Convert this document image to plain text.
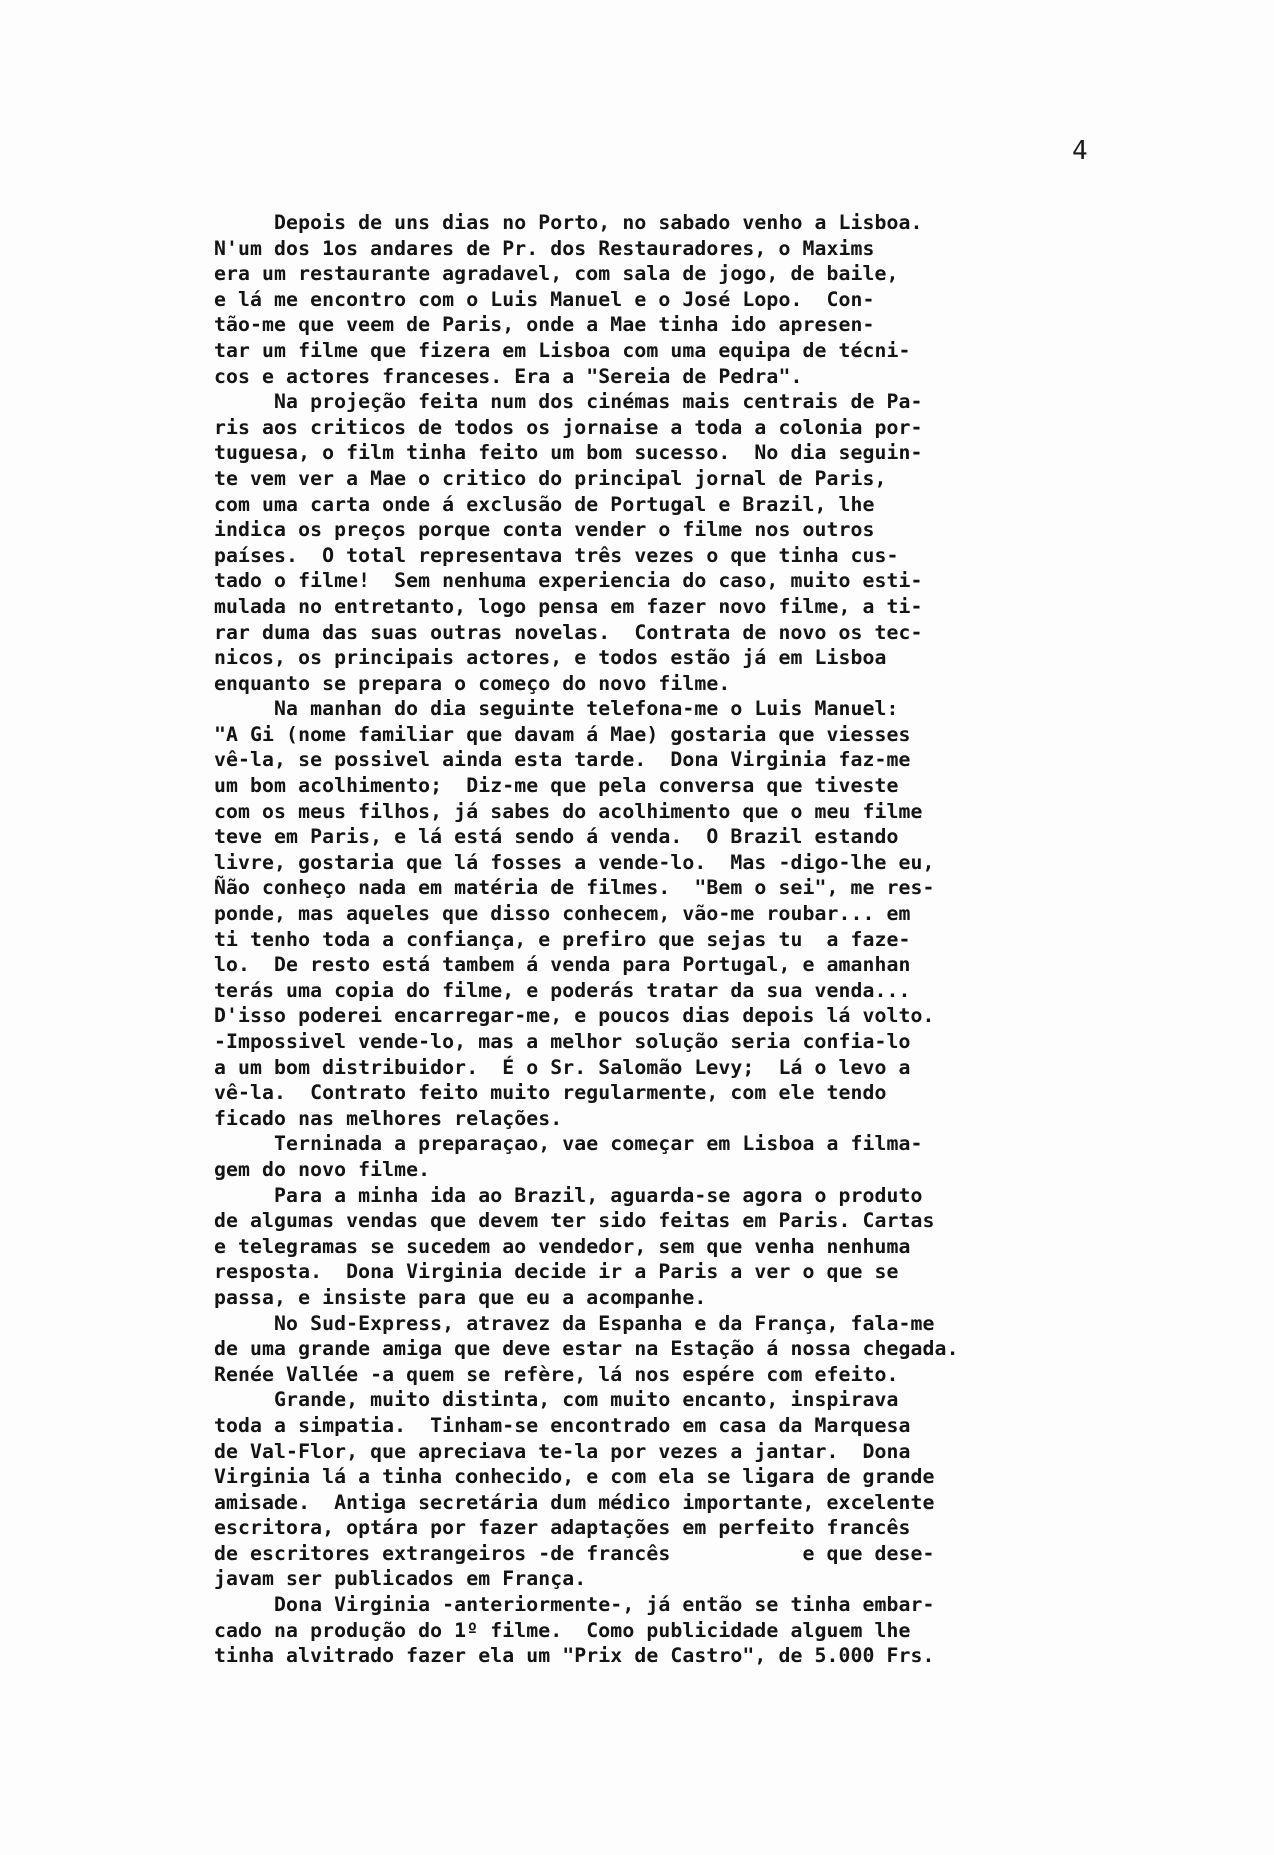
4
Depois de uns dias no Porto, no sabado venho a Lisboa.
N'um dos 1os andares de Pr. dos Restauradores, o Maxims
era um restaurante agradavel, com sala de jogo, de baile,
e lá me encontro com o Luis Manuel e o José Lopo.  Con-
tão-me que veem de Paris, onde a Mae tinha ido apresen-
tar um filme que fizera em Lisboa com uma equipa de técni-
cos e actores franceses. Era a "Sereia de Pedra".
Na projeção feita num dos cinémas mais centrais de Pa-
ris aos criticos de todos os jornaise a toda a colonia por-
tuguesa, o film tinha feito um bom sucesso.  No dia seguin-
te vem ver a Mae o critico do principal jornal de Paris,
com uma carta onde á exclusão de Portugal e Brazil, lhe
indica os preços porque conta vender o filme nos outros
países.  O total representava três vezes o que tinha cus-
tado o filme!  Sem nenhuma experiencia do caso, muito esti-
mulada no entretanto, logo pensa em fazer novo filme, a ti-
rar duma das suas outras novelas.  Contrata de novo os tec-
nicos, os principais actores, e todos estão já em Lisboa
enquanto se prepara o começo do novo filme.
Na manhan do dia seguinte telefona-me o Luis Manuel:
"A Gi (nome familiar que davam á Mae) gostaria que viesses
vê-la, se possivel ainda esta tarde.  Dona Virginia faz-me
um bom acolhimento;  Diz-me que pela conversa que tiveste
com os meus filhos, já sabes do acolhimento que o meu filme
teve em Paris, e lá está sendo á venda.  O Brazil estando
livre, gostaria que lá fosses a vende-lo.  Mas -digo-lhe eu,
Ñão conheço nada em matéria de filmes.  "Bem o sei", me res-
ponde, mas aqueles que disso conhecem, vão-me roubar... em
ti tenho toda a confiança, e prefiro que sejas tu  a faze-
lo.  De resto está tambem á venda para Portugal, e amanhan
terás uma copia do filme, e poderás tratar da sua venda...
D'isso poderei encarregar-me, e poucos dias depois lá volto.
-Impossivel vende-lo, mas a melhor solução seria confia-lo
a um bom distribuidor.  É o Sr. Salomão Levy;  Lá o levo a
vê-la.  Contrato feito muito regularmente, com ele tendo
ficado nas melhores relações.
Terninada a preparaçao, vae começar em Lisboa a filma-
gem do novo filme.
Para a minha ida ao Brazil, aguarda-se agora o produto
de algumas vendas que devem ter sido feitas em Paris. Cartas
e telegramas se sucedem ao vendedor, sem que venha nenhuma
resposta.  Dona Virginia decide ir a Paris a ver o que se
passa, e insiste para que eu a acompanhe.
No Sud-Express, atravez da Espanha e da França, fala-me
de uma grande amiga que deve estar na Estação á nossa chegada.
Renée Vallée -a quem se refère, lá nos espére com efeito.
Grande, muito distinta, com muito encanto, inspirava
toda a simpatia.  Tinham-se encontrado em casa da Marquesa
de Val-Flor, que apreciava te-la por vezes a jantar.  Dona
Virginia lá a tinha conhecido, e com ela se ligara de grande
amisade.  Antiga secretária dum médico importante, excelente
escritora, optára por fazer adaptações em perfeito francês
de escritores extrangeiros -de francês           e que dese-
javam ser publicados em França.
Dona Virginia -anteriormente-, já então se tinha embar-
cado na produção do 1º filme.  Como publicidade alguem lhe
tinha alvitrado fazer ela um "Prix de Castro", de 5.000 Frs.
